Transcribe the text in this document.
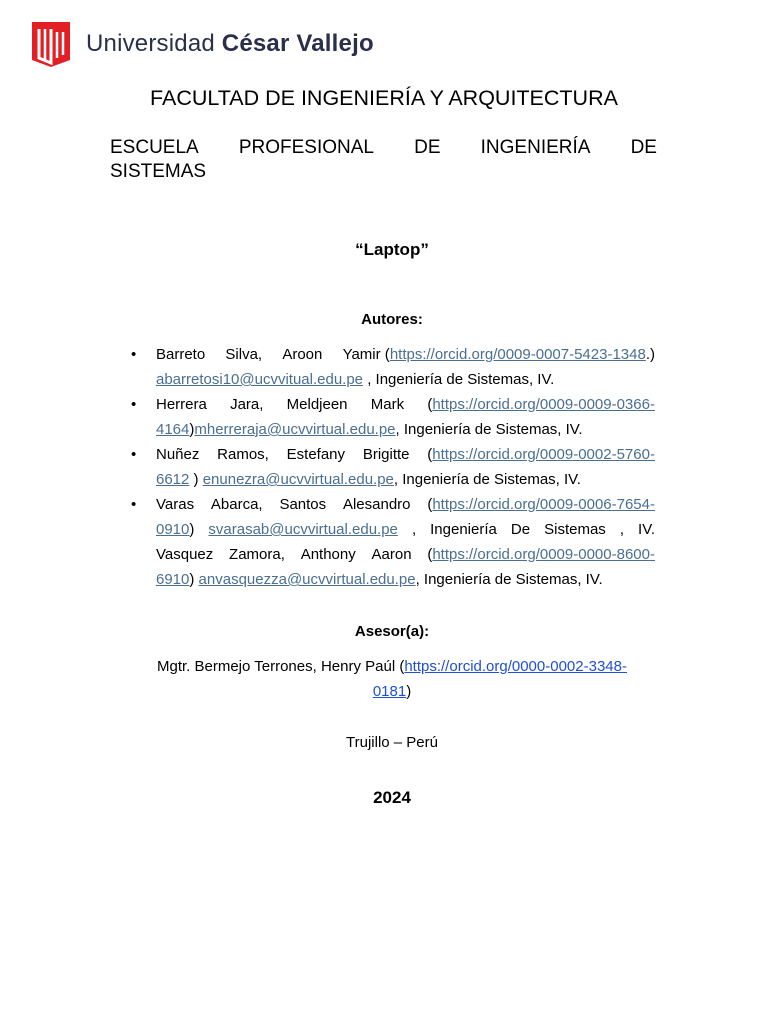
Universidad César Vallejo
FACULTAD DE INGENIERÍA Y ARQUITECTURA
ESCUELA PROFESIONAL DE INGENIERÍA DE
SISTEMAS
“Laptop”
Autores:
• Barreto Silva, Aroon Yamir (https://orcid.org/0009-0007-5423-1348.)
abarretosi10@ucvvitual.edu.pe , Ingeniería de Sistemas, IV.
• Herrera Jara, Meldjeen Mark (https://orcid.org/0009-0009-0366-
4164)mherreraja@ucvvirtual.edu.pe, Ingeniería de Sistemas, IV.
• Nuñez Ramos, Estefany Brigitte (https://orcid.org/0009-0002-5760-
6612 ) enunezra@ucvvirtual.edu.pe, Ingeniería de Sistemas, IV.
• Varas Abarca, Santos Alesandro (https://orcid.org/0009-0006-7654-
0910) svarasab@ucvvirtual.edu.pe , Ingeniería De Sistemas , IV.
Vasquez Zamora, Anthony Aaron (https://orcid.org/0009-0000-8600-
6910) anvasquezza@ucvvirtual.edu.pe, Ingeniería de Sistemas, IV.
Asesor(a):
Mgtr. Bermejo Terrones, Henry Paúl (https://orcid.org/0000-0002-3348-
0181)
Trujillo – Perú
2024
